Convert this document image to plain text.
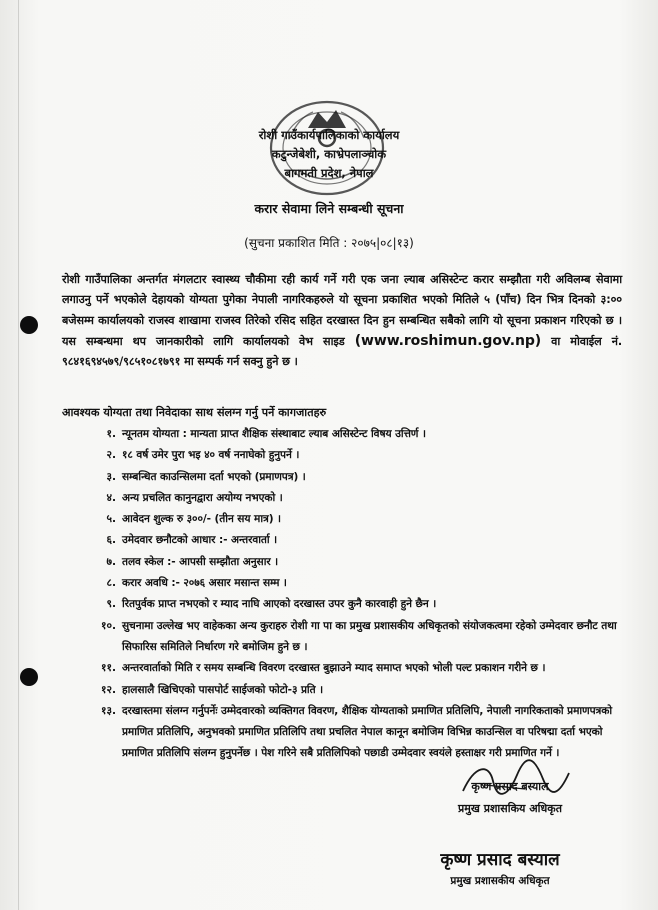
रोशी गाउँकार्यपालिकाको कार्यालय
कटुन्जेबेशी, काभ्रेपलाञ्चोक
बागमती प्रदेश, नेपाल
करार सेवामा लिने सम्बन्धी सूचना
(सुचना प्रकाशित मिति : २०७५|०८|१३)

रोशी गाउँपालिका अन्तर्गत मंगलटार स्वास्थ्य चौकीमा रही कार्य गर्ने गरी एक जना ल्याब असिस्टेन्ट करार सम्झौता गरी अविलम्ब सेवामा लगाउनु पर्ने भएकोले देहायको योग्यता पुगेका नेपाली नागरिकहरुले यो सूचना प्रकाशित भएको मितिले ५ (पाँच) दिन भित्र दिनको ३:०० बजेसम्म कार्यालयको राजस्व शाखामा राजस्व तिरेको रसिद सहित दरखास्त दिन हुन सम्बन्धित सबैको लागि यो सूचना प्रकाशन गरिएको छ । यस सम्बन्धमा थप जानकारीको लागि कार्यालयको वेभ साइड (www.roshimun.gov.np) वा मोवाईल नं. ९८४१६९४५७९/९८५१०८१७९१ मा सम्पर्क गर्न सक्नु हुने छ ।

आवश्यक योग्यता तथा निवेदाका साथ संलग्न गर्नु पर्ने कागजातहरु
१. न्यूनतम योग्यता : मान्यता प्राप्त शैक्षिक संस्थाबाट ल्याब असिस्टेन्ट विषय उत्तिर्ण ।
२. १८ वर्ष उमेर पुरा भइ ४० वर्ष ननाघेको हुनुपर्ने ।
३. सम्बन्धित काउन्सिलमा दर्ता भएको (प्रमाणपत्र) ।
४. अन्य प्रचलित कानुनद्वारा अयोग्य नभएको ।
५. आवेदन शुल्क रु ३००/- (तीन सय मात्र) ।
६. उमेदवार छनौटको आधार :- अन्तरवार्ता ।
७. तलव स्केल :- आपसी सम्झौता अनुसार ।
८. करार अवधि :- २०७६ असार मसान्त सम्म ।
९. रितपुर्वक प्राप्त नभएको र म्याद नाघि आएको दरखास्त उपर कुनै कारवाही हुने छैन ।
१०. सुचनामा उल्लेख भए वाहेकका अन्य कुराहरु रोशी गा पा का प्रमुख प्रशासकीय अधिकृतको संयोजकत्वमा रहेको उम्मेदवार छनौट तथा सिफारिस समितिले निर्धारण गरे बमोजिम हुने छ ।
११. अन्तरवार्ताको मिति र समय सम्बन्धि विवरण दरखास्त बुझाउने म्याद समाप्त भएको भोली पल्ट प्रकाशन गरीने छ ।
१२. हालसालै खिचिएको पासपोर्ट साईजको फोटो-३ प्रति ।
१३. दरखास्तमा संलग्न गर्नुपर्नेः उम्मेदवारको व्यक्तिगत विवरण, शैक्षिक योग्यताको प्रमाणित प्रतिलिपि, नेपाली नागरिकताको प्रमाणपत्रको प्रमाणित प्रतिलिपि, अनुभवको प्रमाणित प्रतिलिपि तथा प्रचलित नेपाल कानून बमोजिम विभिन्न काउन्सिल वा परिषद्मा दर्ता भएको प्रमाणित प्रतिलिपि संलग्न हुनुपर्नेछ । पेश गरिने सबै प्रतिलिपिको पछाडी उम्मेदवार स्वयंले हस्ताक्षर गरी प्रमाणित गर्ने ।
कृष्ण प्रसाद बस्याल
प्रमुख प्रशासकिय अधिकृत
कृष्ण प्रसाद बस्याल
प्रमुख प्रशासकीय अधिकृत
